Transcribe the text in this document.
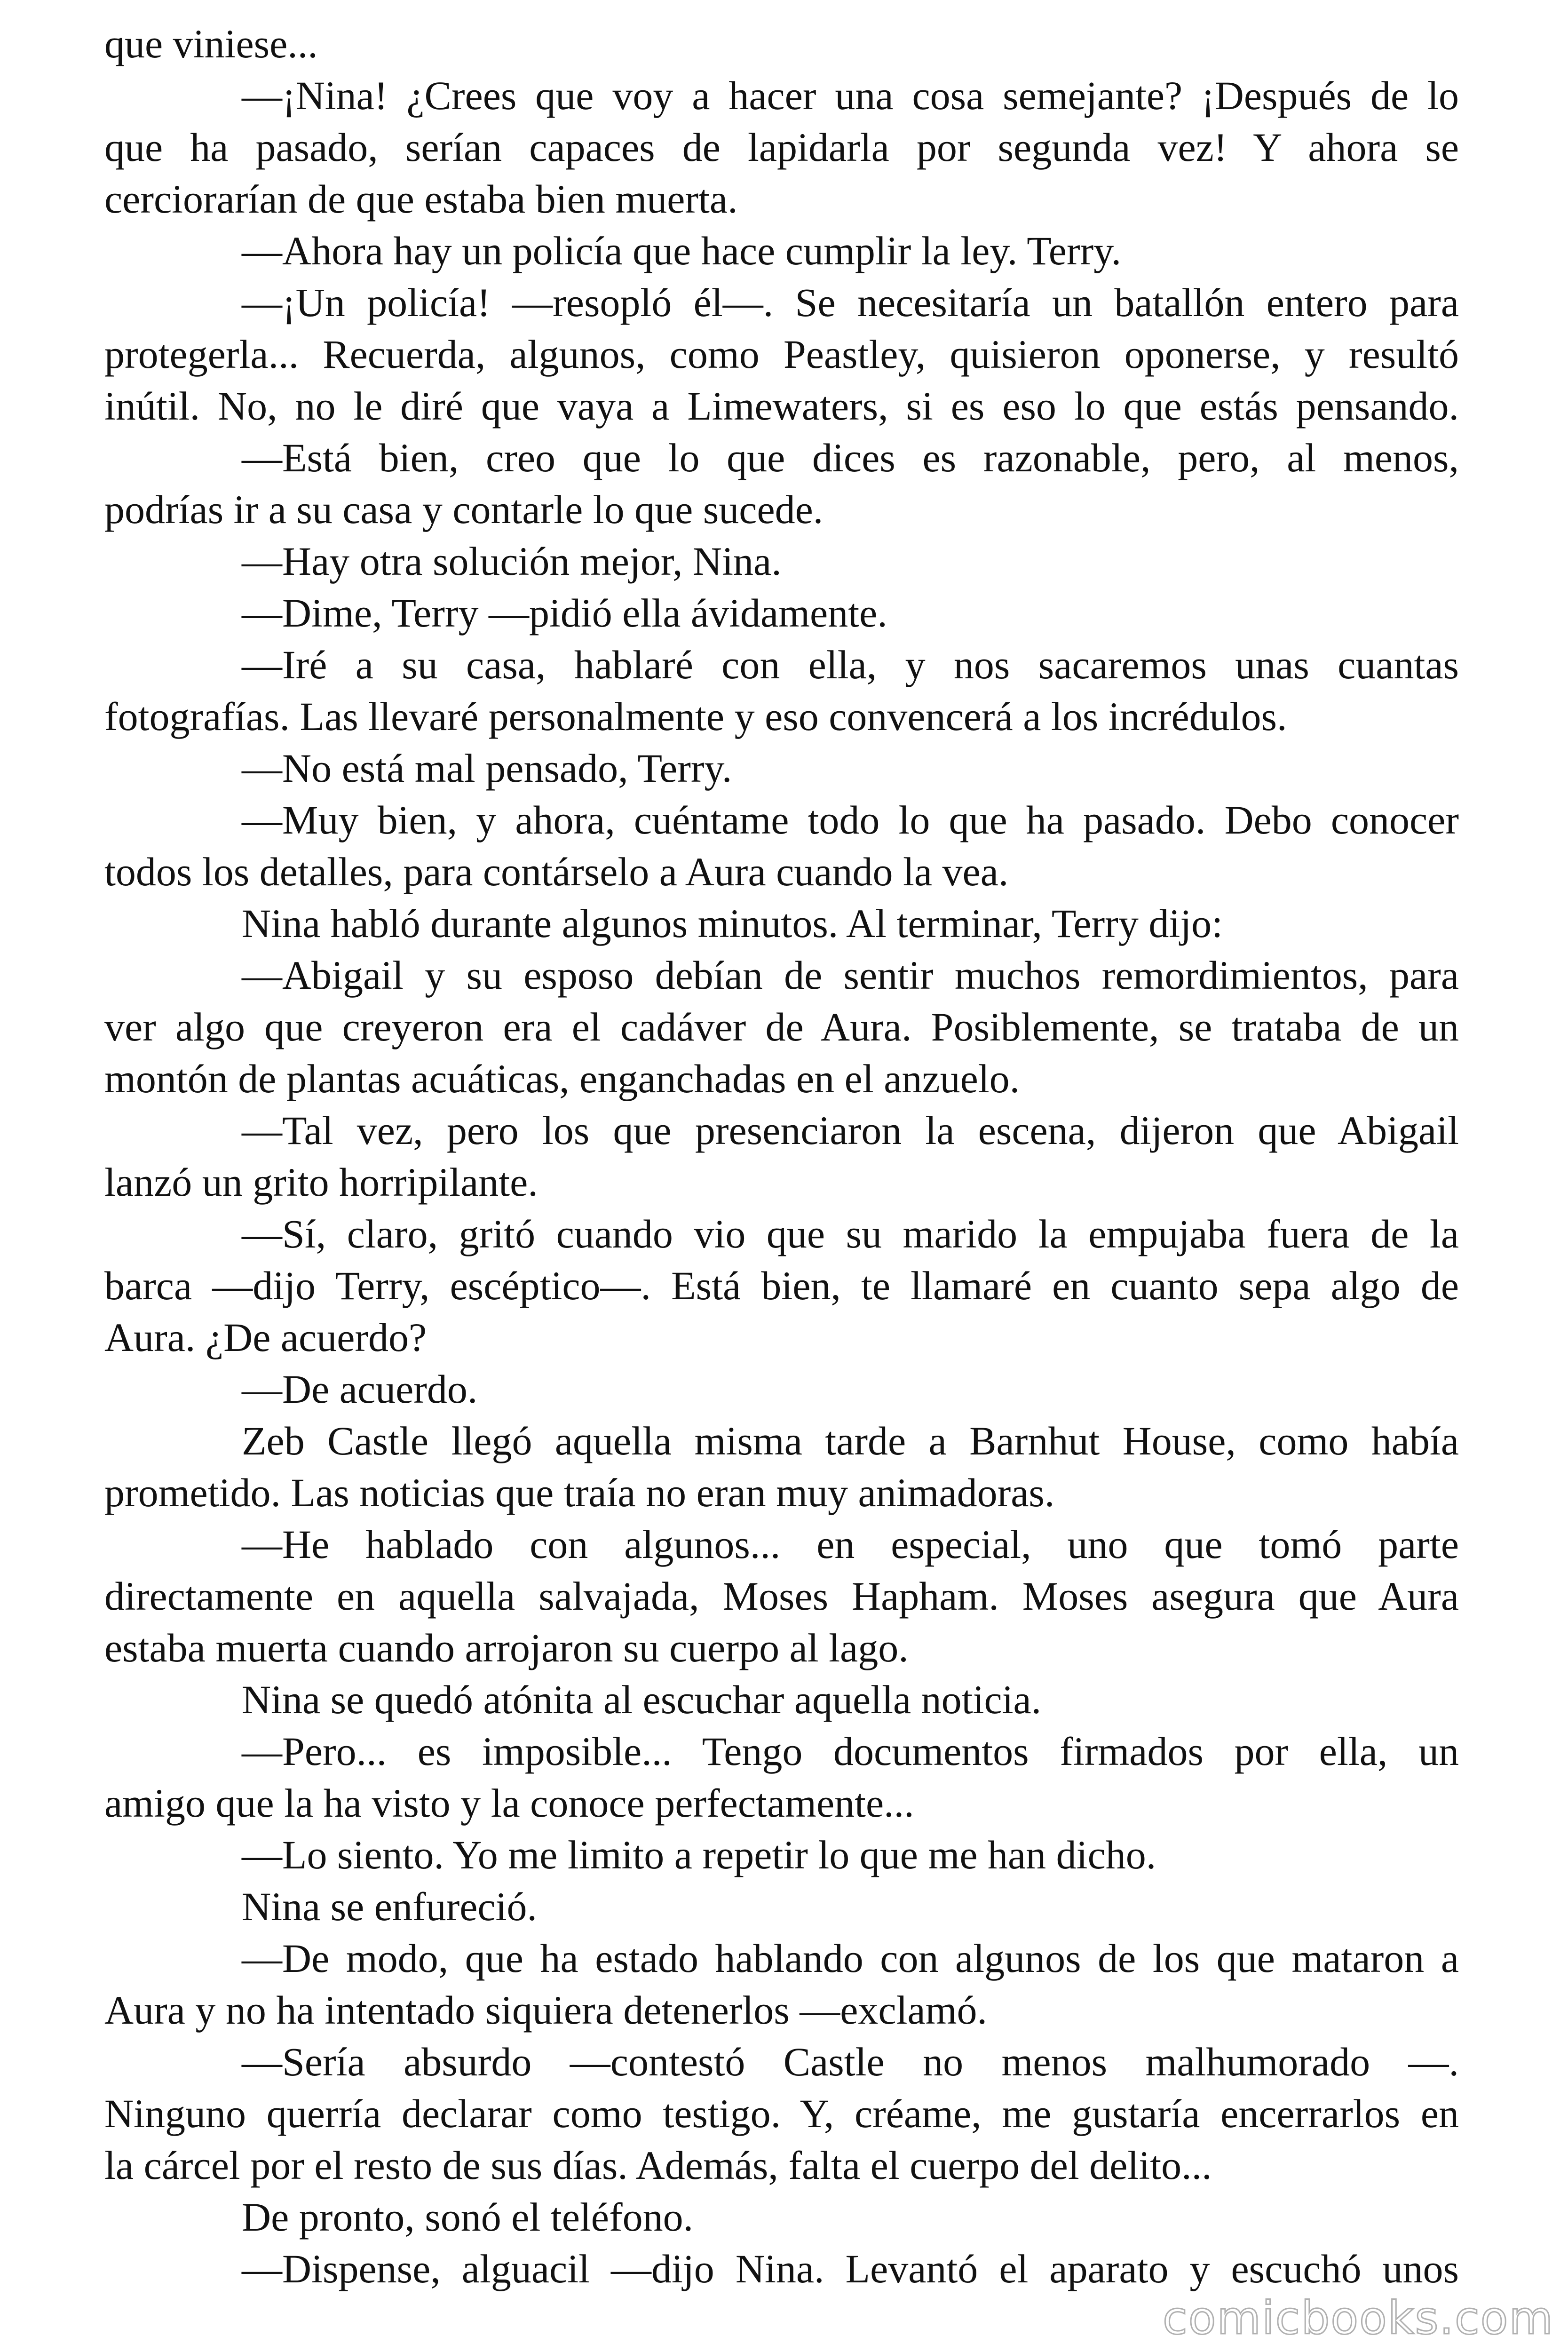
que viniese...
—¡Nina! ¿Crees que voy a hacer una cosa semejante? ¡Después de lo
que ha pasado, serían capaces de lapidarla por segunda vez! Y ahora se
cerciorarían de que estaba bien muerta.
—Ahora hay un policía que hace cumplir la ley. Terry.
—¡Un policía! —resopló él—. Se necesitaría un batallón entero para
protegerla... Recuerda, algunos, como Peastley, quisieron oponerse, y resultó
inútil. No, no le diré que vaya a Limewaters, si es eso lo que estás pensando.
—Está bien, creo que lo que dices es razonable, pero, al menos,
podrías ir a su casa y contarle lo que sucede.
—Hay otra solución mejor, Nina.
—Dime, Terry —pidió ella ávidamente.
—Iré a su casa, hablaré con ella, y nos sacaremos unas cuantas
fotografías. Las llevaré personalmente y eso convencerá a los incrédulos.
—No está mal pensado, Terry.
—Muy bien, y ahora, cuéntame todo lo que ha pasado. Debo conocer
todos los detalles, para contárselo a Aura cuando la vea.
Nina habló durante algunos minutos. Al terminar, Terry dijo:
—Abigail y su esposo debían de sentir muchos remordimientos, para
ver algo que creyeron era el cadáver de Aura. Posiblemente, se trataba de un
montón de plantas acuáticas, enganchadas en el anzuelo.
—Tal vez, pero los que presenciaron la escena, dijeron que Abigail
lanzó un grito horripilante.
—Sí, claro, gritó cuando vio que su marido la empujaba fuera de la
barca —dijo Terry, escéptico—. Está bien, te llamaré en cuanto sepa algo de
Aura. ¿De acuerdo?
—De acuerdo.
Zeb Castle llegó aquella misma tarde a Barnhut House, como había
prometido. Las noticias que traía no eran muy animadoras.
—He hablado con algunos... en especial, uno que tomó parte
directamente en aquella salvajada, Moses Hapham. Moses asegura que Aura
estaba muerta cuando arrojaron su cuerpo al lago.
Nina se quedó atónita al escuchar aquella noticia.
—Pero... es imposible... Tengo documentos firmados por ella, un
amigo que la ha visto y la conoce perfectamente...
—Lo siento. Yo me limito a repetir lo que me han dicho.
Nina se enfureció.
—De modo, que ha estado hablando con algunos de los que mataron a
Aura y no ha intentado siquiera detenerlos —exclamó.
—Sería absurdo —contestó Castle no menos malhumorado —.
Ninguno querría declarar como testigo. Y, créame, me gustaría encerrarlos en
la cárcel por el resto de sus días. Además, falta el cuerpo del delito...
De pronto, sonó el teléfono.
—Dispense, alguacil —dijo Nina. Levantó el aparato y escuchó unos
comicbooks.com
